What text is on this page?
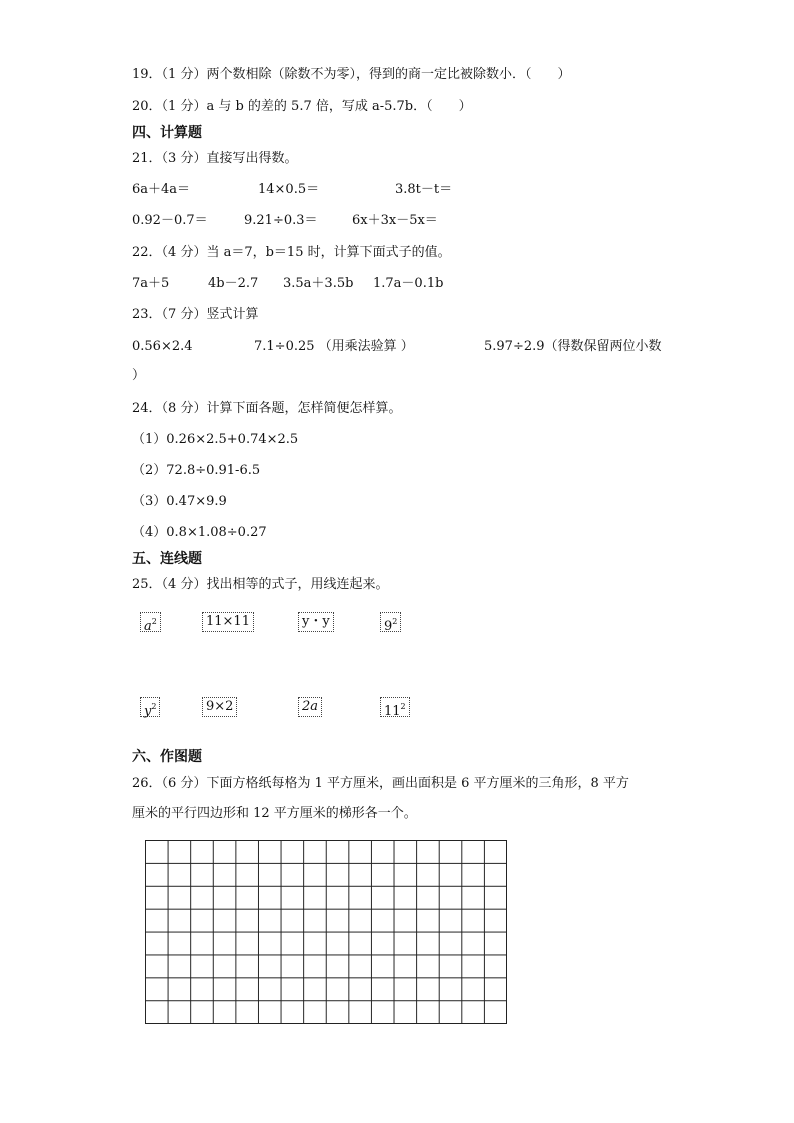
19．（1 分）两个数相除（除数不为零），得到的商一定比被除数小．（　　）
20．（1 分）a 与 b 的差的 5.7 倍，写成 a-5.7b．（　　）
四、计算题
21．（3 分）直接写出得数。
6a＋4a＝	14×0.5＝	3.8t－t＝
0.92－0.7＝	9.21÷0.3＝	6x＋3x－5x＝
22．（4 分）当 a＝7，b＝15 时，计算下面式子的值。
7a＋5	4b－2.7 3.5a＋3.5b 1.7a－0.1b
23．（7 分）竖式计算
0.56×2.4	7.1÷0.25 （用乘法验算 ）	5.97÷2.9（得数保留两位小数
）
24．（8 分）计算下面各题，怎样简便怎样算。
（1）0.26×2.5+0.74×2.5
（2）72.8÷0.91-6.5
（3）0.47×9.9
（4）0.8×1.08÷0.27
五、连线题
25．（4 分）找出相等的式子，用线连起来。
$a^2$	11×11	y・y	$9^2$
$y^2$	9×2	2a	$11^2$
六、作图题
26．（6 分）下面方格纸每格为 1 平方厘米，画出面积是 6 平方厘米的三角形，8 平方
厘米的平行四边形和 12 平方厘米的梯形各一个。
